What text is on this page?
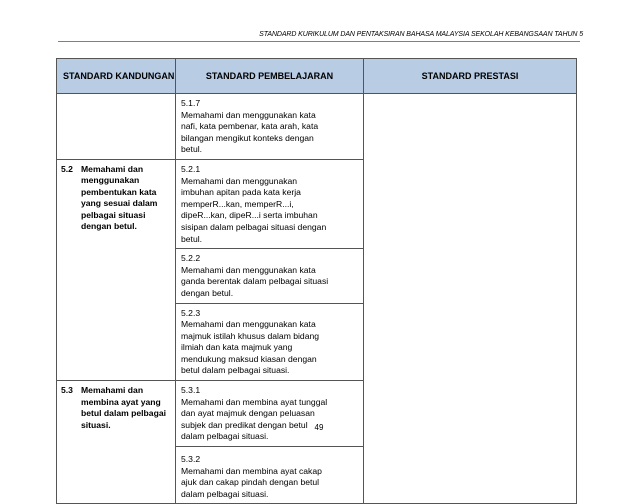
STANDARD KURIKULUM DAN PENTAKSIRAN BAHASA MALAYSIA SEKOLAH KEBANGSAAN TAHUN 5
STANDARD KANDUNGAN	STANDARD PEMBELAJARAN	STANDARD PRESTASI
	5.1.7Memahami dan menggunakan kata nafi, kata pembenar, kata arah, kata bilangan mengikut konteks dengan betul.	
5.2 Memahami dan menggunakan pembentukan kata yang sesuai dalam pelbagai situasi dengan betul.	5.2.1Memahami dan menggunakan imbuhan apitan pada kata kerja memperR...kan, memperR...i, dipeR...kan, dipeR...i serta imbuhan sisipan dalam pelbagai situasi dengan betul.	
	5.2.2Memahami dan menggunakan kata ganda berentak dalam pelbagai situasi dengan betul.	
	5.2.3Memahami dan menggunakan kata majmuk istilah khusus dalam bidang ilmiah dan kata majmuk yang mendukung maksud kiasan dengan betul dalam pelbagai situasi.	
5.3 Memahami dan membina ayat yang betul dalam pelbagai situasi.	5.3.1Memahami dan membina ayat tunggal dan ayat majmuk dengan peluasan subjek dan predikat dengan betul dalam pelbagai situasi.	
	5.3.2Memahami dan membina ayat cakap ajuk dan cakap pindah dengan betul dalam pelbagai situasi.	
49
